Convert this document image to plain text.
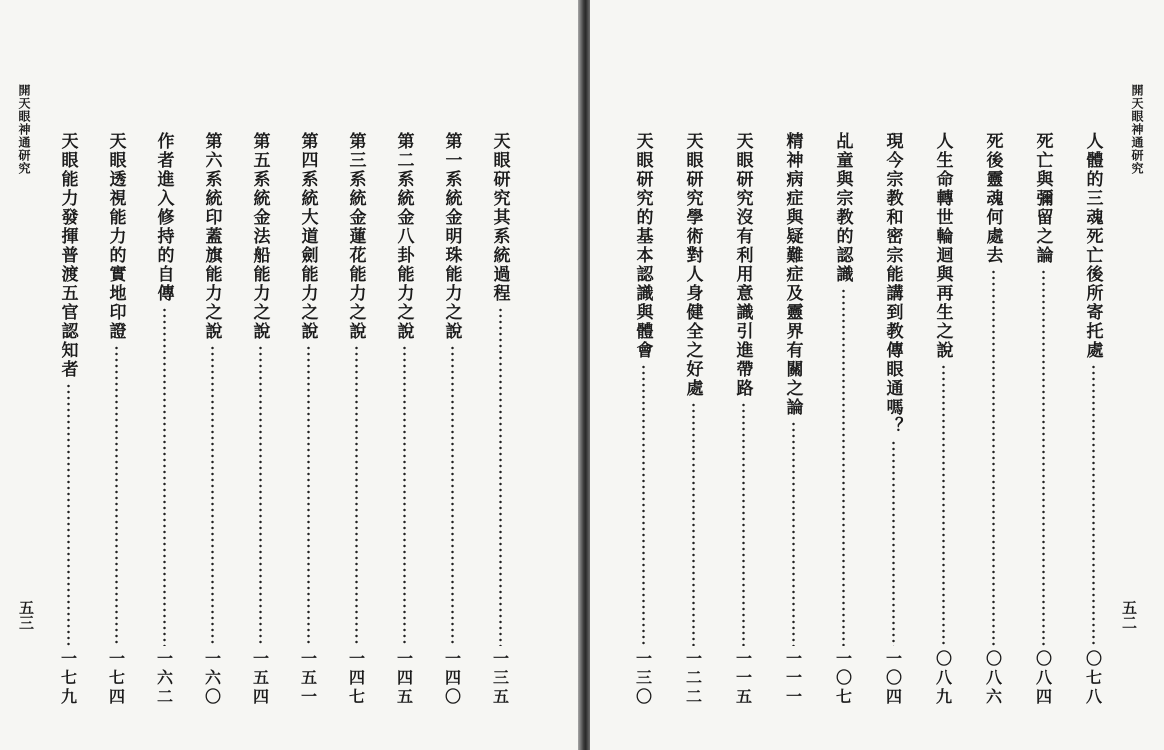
開天眼神通研究
五三
天眼研究其系統過程
一三五
第一系統金明珠能力之說
一四〇
第二系統金八卦能力之說
一四五
第三系統金蓮花能力之說
一四七
第四系統大道劍能力之說
一五一
第五系統金法船能力之說
一五四
第六系統印蓋旗能力之說
一六〇
作者進入修持的自傳
一六二
天眼透視能力的實地印證
一七四
天眼能力發揮普渡五官認知者
一七九
開天眼神通研究
五二
人體的三魂死亡後所寄托處
〇七八
死亡與彌留之論
〇八四
死後靈魂何處去
〇八六
人生命轉世輪迴與再生之說
〇八九
現今宗教和密宗能講到教傳眼通嗎？
一〇四
乩童與宗教的認識
一〇七
精神病症與疑難症及靈界有關之論
一一一
天眼研究沒有利用意識引進帶路
一一五
天眼研究學術對人身健全之好處
一二二
天眼研究的基本認識與體會
一三〇
